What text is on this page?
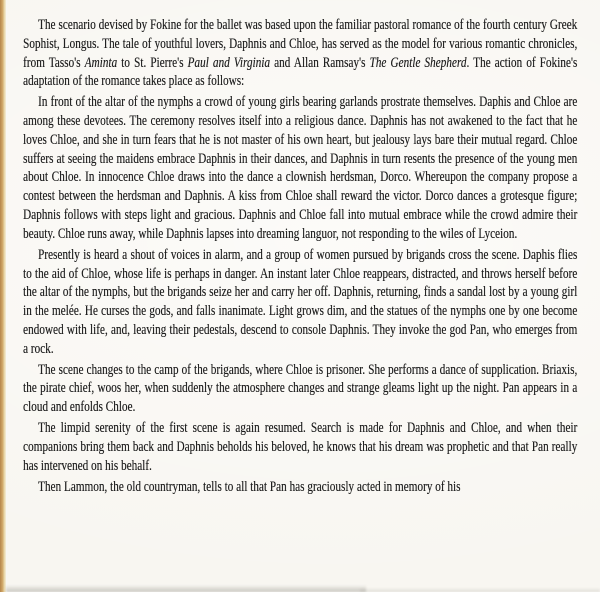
The scenario devised by Fokine for the ballet was based upon the familiar pastoral romance of the fourth century Greek Sophist, Longus. The tale of youthful lovers, Daphnis and Chloe, has served as the model for various romantic chronicles, from Tasso's Aminta to St. Pierre's Paul and Virginia and Allan Ramsay's The Gentle Shepherd. The action of Fokine's adaptation of the romance takes place as follows:

In front of the altar of the nymphs a crowd of young girls bearing garlands prostrate themselves. Daphis and Chloe are among these devotees. The ceremony resolves itself into a religious dance. Daphnis has not awakened to the fact that he loves Chloe, and she in turn fears that he is not master of his own heart, but jealousy lays bare their mutual regard. Chloe suffers at seeing the maidens embrace Daphnis in their dances, and Daphnis in turn resents the presence of the young men about Chloe. In innocence Chloe draws into the dance a clownish herdsman, Dorco. Whereupon the company propose a contest between the herdsman and Daphnis. A kiss from Chloe shall reward the victor. Dorco dances a grotesque figure; Daphnis follows with steps light and gracious. Daphnis and Chloe fall into mutual embrace while the crowd admire their beauty. Chloe runs away, while Daphnis lapses into dreaming languor, not responding to the wiles of Lyceion.

Presently is heard a shout of voices in alarm, and a group of women pursued by brigands cross the scene. Daphis flies to the aid of Chloe, whose life is perhaps in danger. An instant later Chloe reappears, distracted, and throws herself before the altar of the nymphs, but the brigands seize her and carry her off. Daphnis, returning, finds a sandal lost by a young girl in the melée. He curses the gods, and falls inanimate. Light grows dim, and the statues of the nymphs one by one become endowed with life, and, leaving their pedestals, descend to console Daphnis. They invoke the god Pan, who emerges from a rock.

The scene changes to the camp of the brigands, where Chloe is prisoner. She performs a dance of supplication. Briaxis, the pirate chief, woos her, when suddenly the atmosphere changes and strange gleams light up the night. Pan appears in a cloud and enfolds Chloe.

The limpid serenity of the first scene is again resumed. Search is made for Daphnis and Chloe, and when their companions bring them back and Daphnis beholds his beloved, he knows that his dream was prophetic and that Pan really has intervened on his behalf.

Then Lammon, the old countryman, tells to all that Pan has graciously acted in memory of his
